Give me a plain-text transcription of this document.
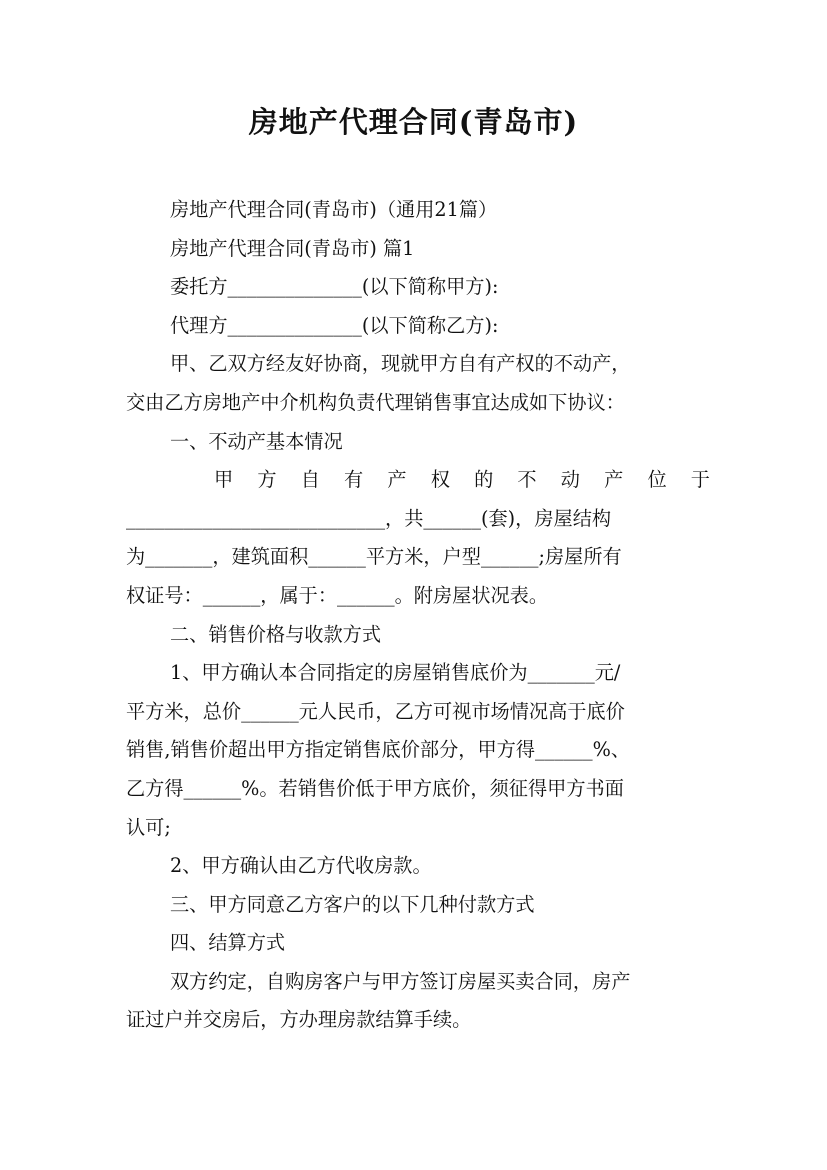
房地产代理合同(青岛市)
房地产代理合同(青岛市)（通用21篇）
房地产代理合同(青岛市) 篇1
委托方______________(以下简称甲方):
代理方______________(以下简称乙方):
甲、乙双方经友好协商，现就甲方自有产权的不动产，
交由乙方房地产中介机构负责代理销售事宜达成如下协议：
一、不动产基本情况
甲方自有产权的不动产位于
___________________________，共______(套)，房屋结构
为_______，建筑面积______平方米，户型______;房屋所有
权证号：______，属于：______。附房屋状况表。
二、销售价格与收款方式
1、甲方确认本合同指定的房屋销售底价为_______元/
平方米，总价______元人民币，乙方可视市场情况高于底价
销售,销售价超出甲方指定销售底价部分，甲方得______%、
乙方得______%。若销售价低于甲方底价，须征得甲方书面
认可;
2、甲方确认由乙方代收房款。
三、甲方同意乙方客户的以下几种付款方式
四、结算方式
双方约定，自购房客户与甲方签订房屋买卖合同，房产
证过户并交房后，方办理房款结算手续。
